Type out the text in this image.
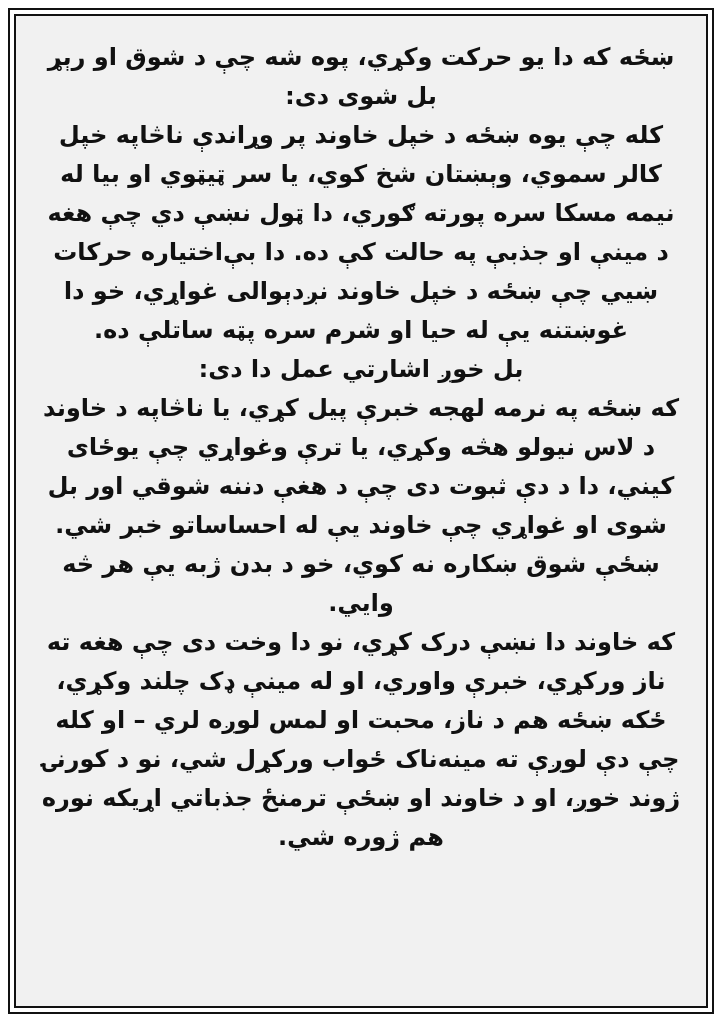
ښځه که دا یو حرکت وکړي، پوه شه چې د شوق او رېړ بل شوی دی:

کله چې یوه ښځه د خپل خاوند پر وړاندې ناڅاپه خپل کالر سموي، وېښتان شخ کوي، یا سر ټیټوي او بیا له نیمه مسکا سره پورته ګوري، دا ټول نښې دي چې هغه د مینې او جذبې په حالت کې ده. دا بې‌اختیاره حرکات ښيي چې ښځه د خپل خاوند نږدېوالی غواړي، خو دا غوښتنه یې له حیا او شرم سره پټه ساتلې ده.

بل خوږ اشارتي عمل دا دی:

که ښځه په نرمه لهجه خبرې پیل کړي، یا ناڅاپه د خاوند د لاس نیولو هڅه وکړي، یا ترې وغواړي چې یوځای کیني، دا د دې ثبوت دی چې د هغې دننه شوقي اور بل شوی او غواړي چې خاوند یې له احساساتو خبر شي.

ښځې شوق ښکاره نه کوي، خو د بدن ژبه یې هر څه وایي.

که خاوند دا نښې درک کړي، نو دا وخت دی چې هغه ته ناز ورکړي، خبرې واوري، او له مینې ډک چلند وکړي، ځکه ښځه هم د ناز، محبت او لمس لوږه لري – او کله چې دې لوږې ته مینه‌ناک ځواب ورکړل شي، نو د کورنۍ ژوند خوږ، او د خاوند او ښځې ترمنځ جذباتي اړیکه نوره هم ژوره شي.
